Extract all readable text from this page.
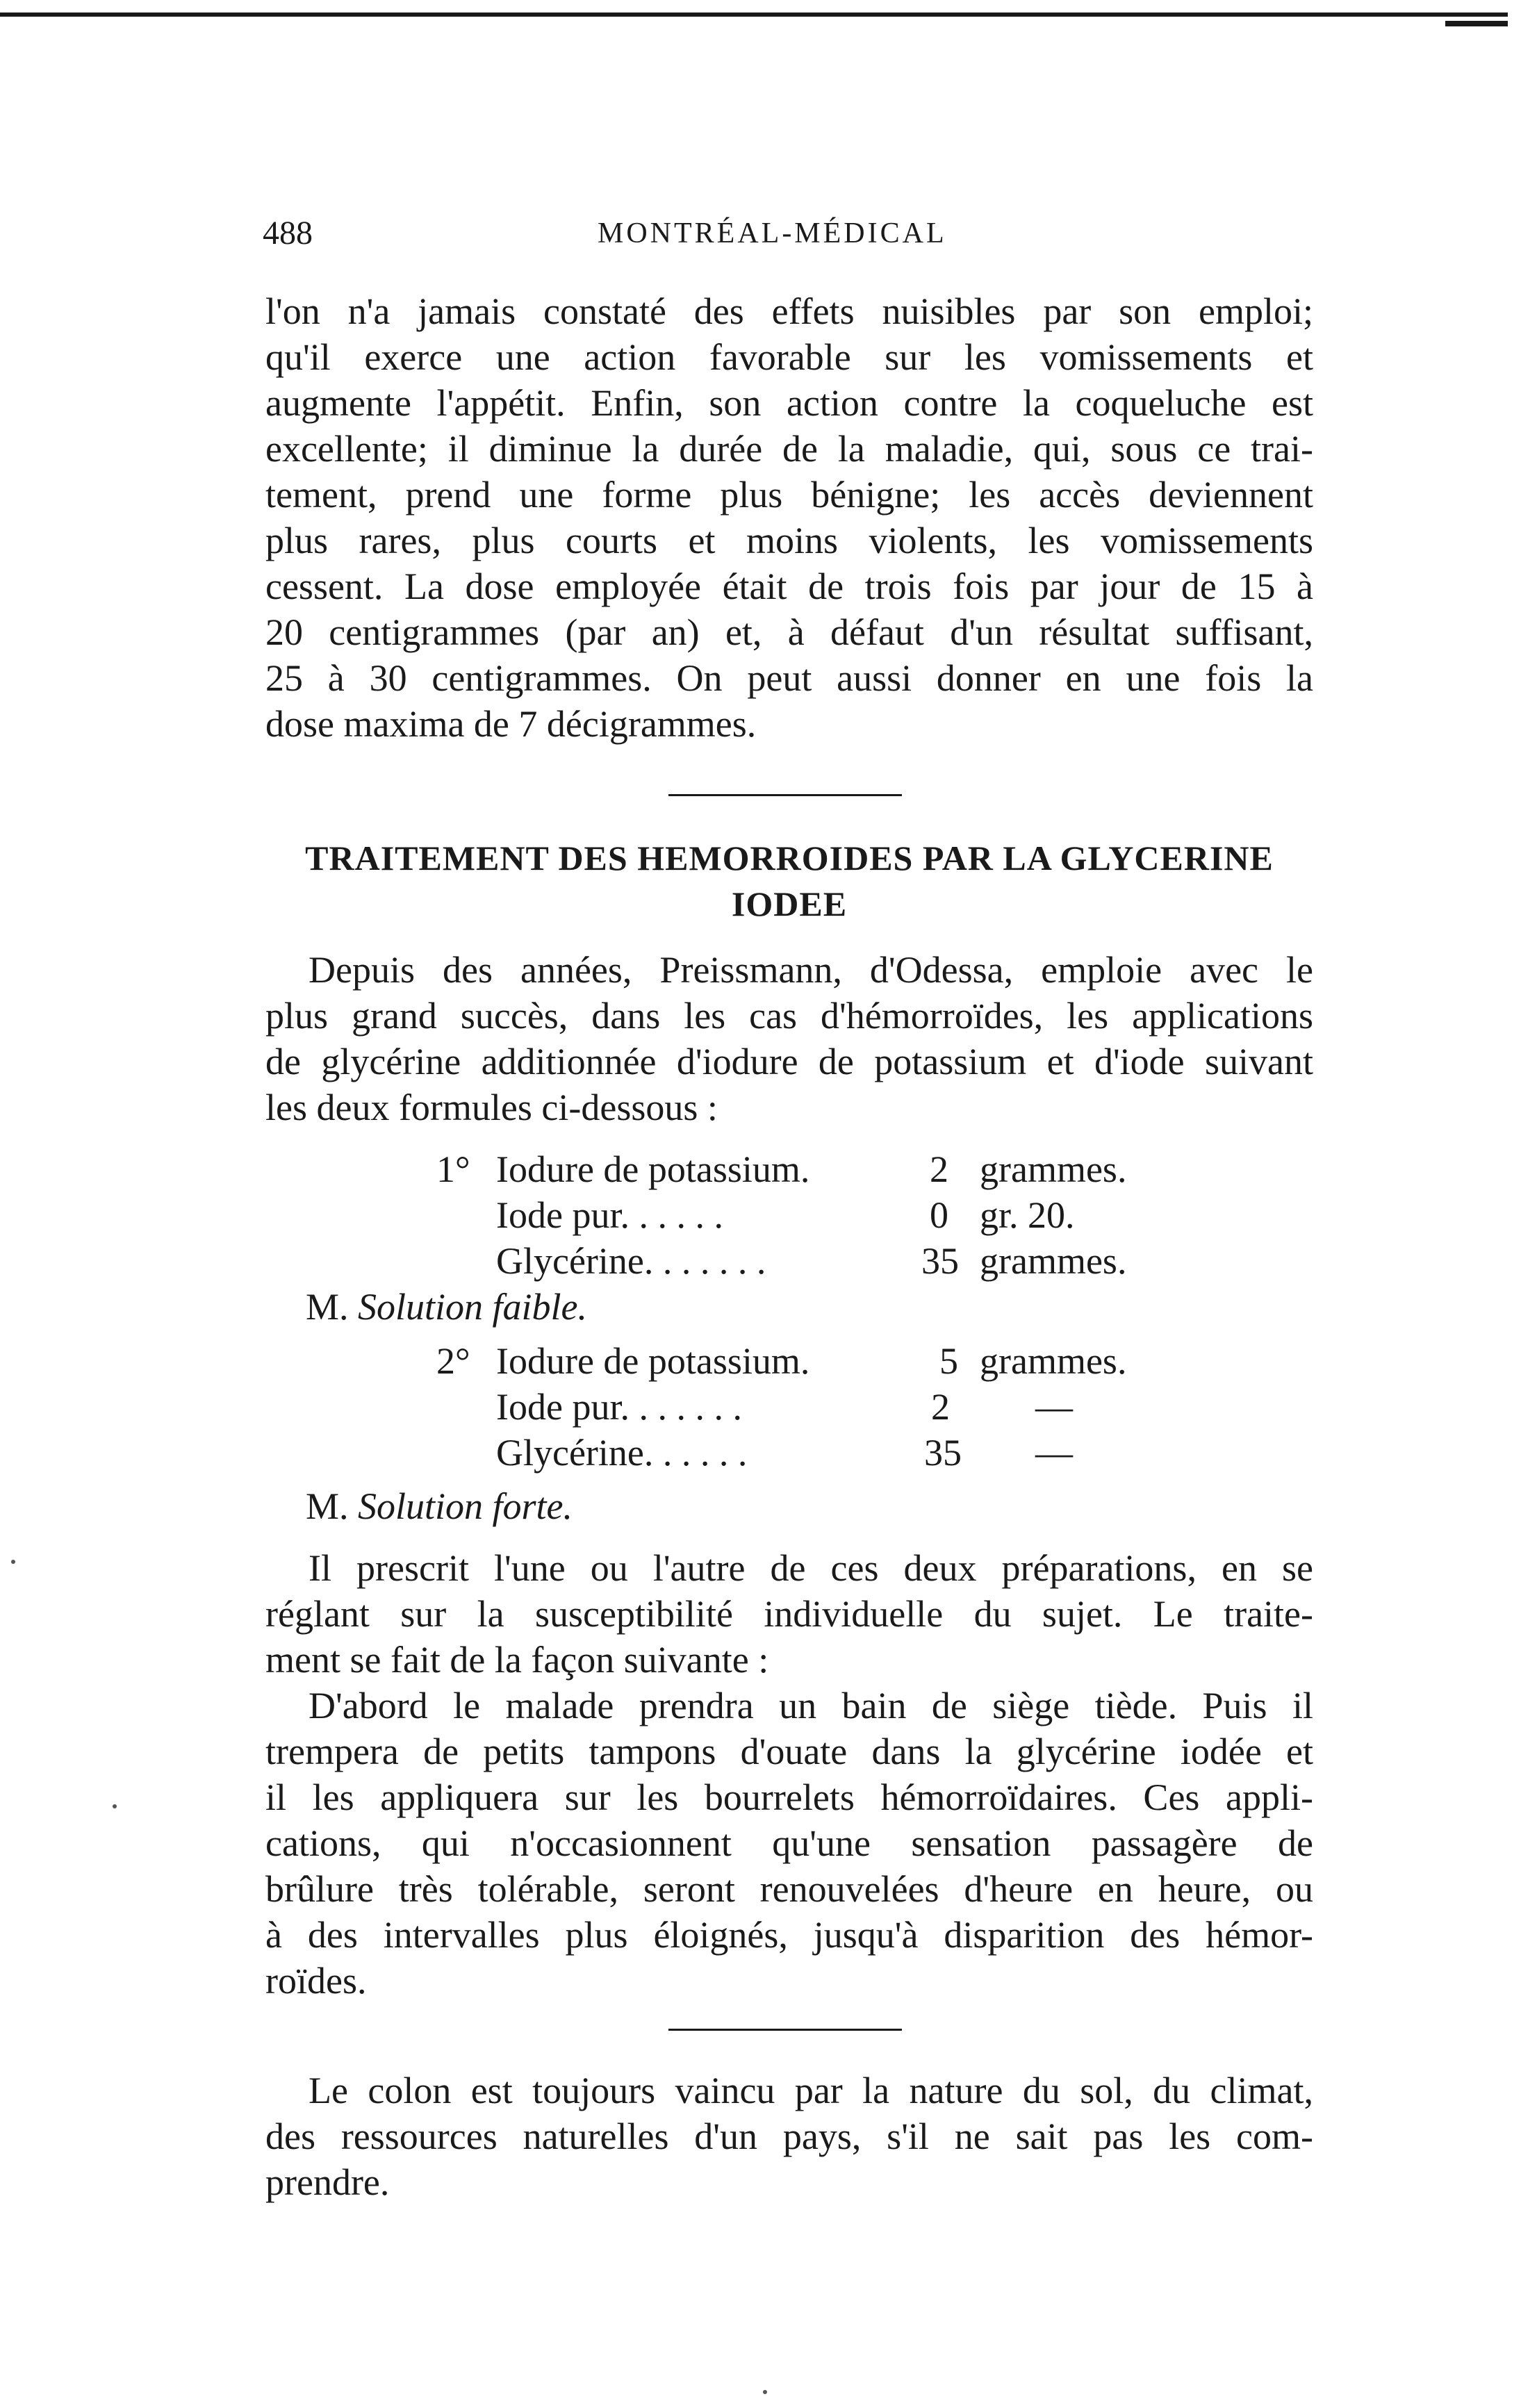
488	MONTRÉAL-MÉDICAL
l'on n'a jamais constaté des effets nuisibles par son emploi;
qu'il exerce une action favorable sur les vomissements et
augmente l'appétit. Enfin, son action contre la coqueluche est
excellente; il diminue la durée de la maladie, qui, sous ce trai-
tement, prend une forme plus bénigne; les accès deviennent
plus rares, plus courts et moins violents, les vomissements
cessent. La dose employée était de trois fois par jour de 15 à
20 centigrammes (par an) et, à défaut d'un résultat suffisant,
25 à 30 centigrammes. On peut aussi donner en une fois la
dose maxima de 7 décigrammes.
TRAITEMENT DES HEMORROIDES PAR LA GLYCERINE
IODEE
Depuis des années, Preissmann, d'Odessa, emploie avec le
plus grand succès, dans les cas d'hémorroïdes, les applications
de glycérine additionnée d'iodure de potassium et d'iode suivant
les deux formules ci-dessous :
1° Iodure de potassium.	2 grammes.
Iode pur. . . . . .	0 gr. 20.
Glycérine. . . . . . .	35 grammes.
M. Solution faible.
2° Iodure de potassium.	5 grammes.
Iode pur. . . . . . .	2 —
Glycérine. . . . . .	35 —
M. Solution forte.
Il prescrit l'une ou l'autre de ces deux préparations, en se
réglant sur la susceptibilité individuelle du sujet. Le traite-
ment se fait de la façon suivante :
D'abord le malade prendra un bain de siège tiède. Puis il
trempera de petits tampons d'ouate dans la glycérine iodée et
il les appliquera sur les bourrelets hémorroïdaires. Ces appli-
cations, qui n'occasionnent qu'une sensation passagère de
brûlure très tolérable, seront renouvelées d'heure en heure, ou
à des intervalles plus éloignés, jusqu'à disparition des hémor-
roïdes.
Le colon est toujours vaincu par la nature du sol, du climat,
des ressources naturelles d'un pays, s'il ne sait pas les com-
prendre.
